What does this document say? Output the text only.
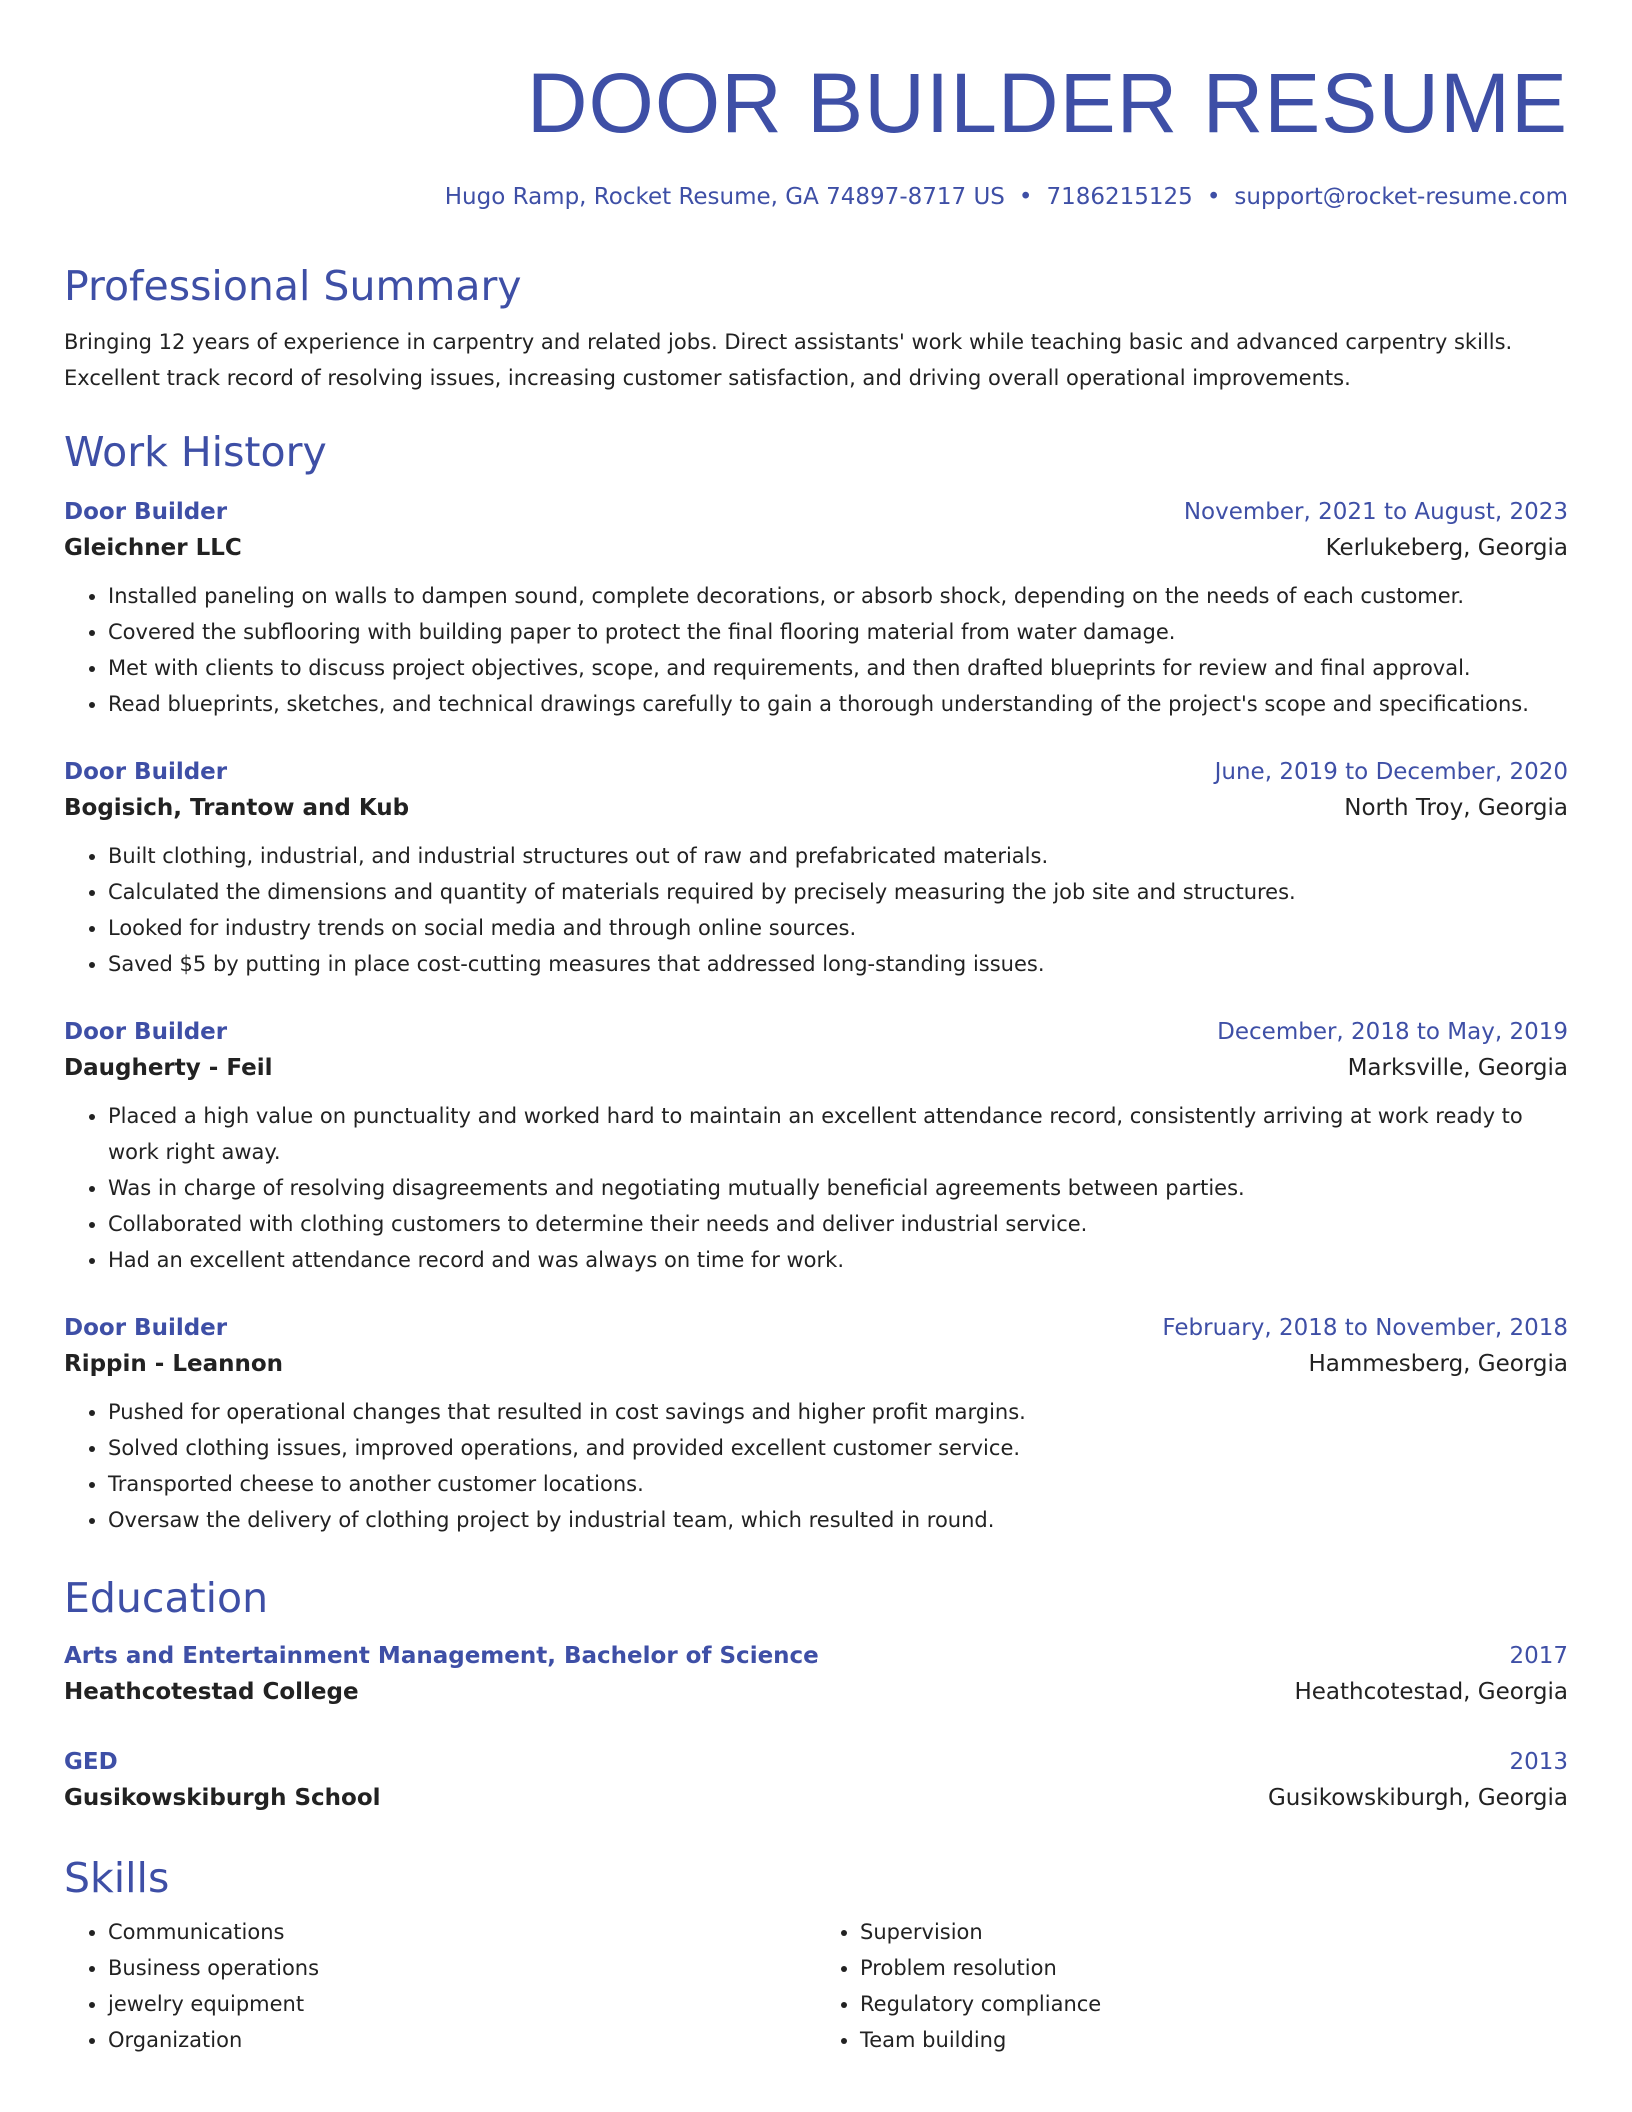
DOOR BUILDER RESUME
Hugo Ramp, Rocket Resume, GA 74897-8717 US • 7186215125 • support@rocket-resume.com
Professional Summary

Bringing 12 years of experience in carpentry and related jobs. Direct assistants' work while teaching basic and advanced carpentry skills. Excellent track record of resolving issues, increasing customer satisfaction, and driving overall operational improvements.

Work History
Door Builder	November, 2021 to August, 2023
Gleichner LLC	Kerlukeberg, Georgia
• Installed paneling on walls to dampen sound, complete decorations, or absorb shock, depending on the needs of each customer.
• Covered the subflooring with building paper to protect the final flooring material from water damage.
• Met with clients to discuss project objectives, scope, and requirements, and then drafted blueprints for review and final approval.
• Read blueprints, sketches, and technical drawings carefully to gain a thorough understanding of the project's scope and specifications.
Door Builder	June, 2019 to December, 2020
Bogisich, Trantow and Kub	North Troy, Georgia
• Built clothing, industrial, and industrial structures out of raw and prefabricated materials.
• Calculated the dimensions and quantity of materials required by precisely measuring the job site and structures.
• Looked for industry trends on social media and through online sources.
• Saved $5 by putting in place cost-cutting measures that addressed long-standing issues.
Door Builder	December, 2018 to May, 2019
Daugherty - Feil	Marksville, Georgia
• Placed a high value on punctuality and worked hard to maintain an excellent attendance record, consistently arriving at work ready to work right away.
• Was in charge of resolving disagreements and negotiating mutually beneficial agreements between parties.
• Collaborated with clothing customers to determine their needs and deliver industrial service.
• Had an excellent attendance record and was always on time for work.
Door Builder	February, 2018 to November, 2018
Rippin - Leannon	Hammesberg, Georgia
• Pushed for operational changes that resulted in cost savings and higher profit margins.
• Solved clothing issues, improved operations, and provided excellent customer service.
• Transported cheese to another customer locations.
• Oversaw the delivery of clothing project by industrial team, which resulted in round.
Education
Arts and Entertainment Management, Bachelor of Science	2017
Heathcotestad College	Heathcotestad, Georgia
GED	2013
Gusikowskiburgh School	Gusikowskiburgh, Georgia
Skills
• Communications
• Business operations
• jewelry equipment
• Organization
• Supervision
• Problem resolution
• Regulatory compliance
• Team building
